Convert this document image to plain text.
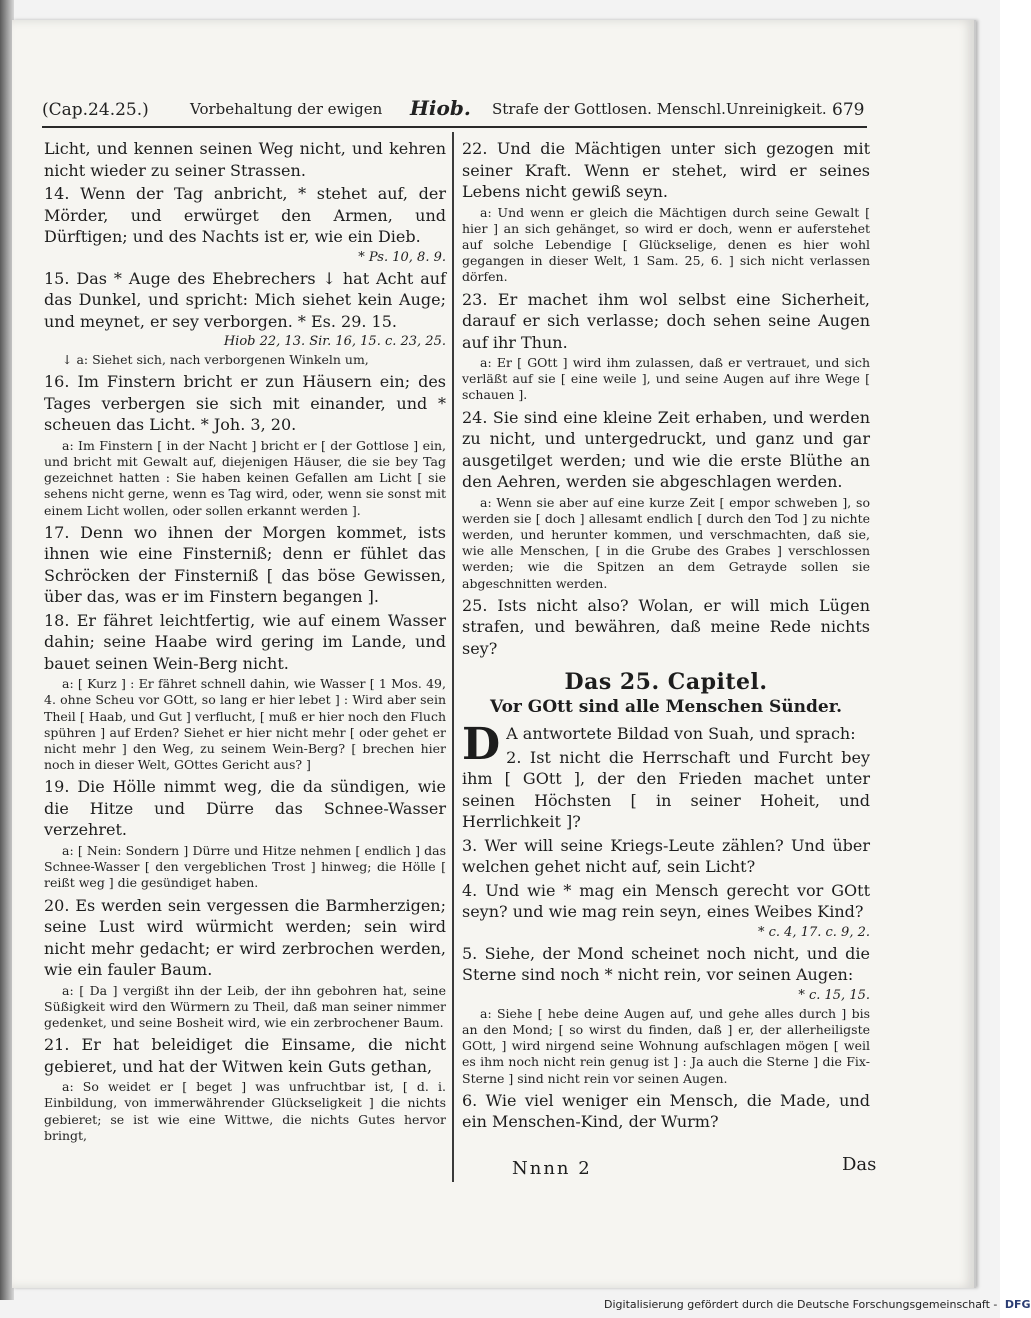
(Cap.24.25.)	Vorbehaltung der ewigen Hiob. Strafe der Gottlosen. Menschl.Unreinigkeit. 679

Licht, und kennen seinen Weg nicht, und kehren nicht wieder zu seiner Strassen.

14. Wenn der Tag anbricht, * stehet auf, der Mörder, und erwürget den Armen, und Dürftigen; und des Nachts ist er, wie ein Dieb.

* Ps. 10, 8. 9.

15. Das * Auge des Ehebrechers ↓ hat Acht auf das Dunkel, und spricht: Mich siehet kein Auge; und meynet, er sey verborgen. * Es. 29. 15.

Hiob 22, 13. Sir. 16, 15. c. 23, 25.

↓ a: Siehet sich, nach verborgenen Winkeln um,

16. Im Finstern bricht er zun Häusern ein; des Tages verbergen sie sich mit einander, und * scheuen das Licht. * Joh. 3, 20.

a: Im Finstern [ in der Nacht ] bricht er [ der Gottlose ] ein, und bricht mit Gewalt auf, diejenigen Häuser, die sie bey Tag gezeichnet hatten : Sie haben keinen Gefallen am Licht [ sie sehens nicht gerne, wenn es Tag wird, oder, wenn sie sonst mit einem Licht wollen, oder sollen erkannt werden ].

17. Denn wo ihnen der Morgen kommet, ists ihnen wie eine Finsterniß; denn er fühlet das Schröcken der Finsterniß [ das böse Gewissen, über das, was er im Finstern begangen ].

18. Er fähret leichtfertig, wie auf einem Wasser dahin; seine Haabe wird gering im Lande, und bauet seinen Wein-Berg nicht.

a: [ Kurz ] : Er fähret schnell dahin, wie Wasser [ 1 Mos. 49, 4. ohne Scheu vor GOtt, so lang er hier lebet ] : Wird aber sein Theil [ Haab, und Gut ] verflucht, [ muß er hier noch den Fluch spühren ] auf Erden? Siehet er hier nicht mehr [ oder gehet er nicht mehr ] den Weg, zu seinem Wein-Berg? [ brechen hier noch in dieser Welt, GOttes Gericht aus? ]

19. Die Hölle nimmt weg, die da sündigen, wie die Hitze und Dürre das Schnee-Wasser verzehret.

a: [ Nein: Sondern ] Dürre und Hitze nehmen [ endlich ] das Schnee-Wasser [ den vergeblichen Trost ] hinweg; die Hölle [ reißt weg ] die gesündiget haben.

20. Es werden sein vergessen die Barmherzigen; seine Lust wird würmicht werden; sein wird nicht mehr gedacht; er wird zerbrochen werden, wie ein fauler Baum.

a: [ Da ] vergißt ihn der Leib, der ihn gebohren hat, seine Süßigkeit wird den Würmern zu Theil, daß man seiner nimmer gedenket, und seine Bosheit wird, wie ein zerbrochener Baum.

21. Er hat beleidiget die Einsame, die nicht gebieret, und hat der Witwen kein Guts gethan,

a: So weidet er [ beget ] was unfruchtbar ist, [ d. i. Einbildung, von immerwährender Glückseligkeit ] die nichts gebieret; se ist wie eine Wittwe, die nichts Gutes hervor bringt,

22. Und die Mächtigen unter sich gezogen mit seiner Kraft. Wenn er stehet, wird er seines Lebens nicht gewiß seyn.

a: Und wenn er gleich die Mächtigen durch seine Gewalt [ hier ] an sich gehänget, so wird er doch, wenn er auferstehet auf solche Lebendige [ Glückselige, denen es hier wohl gegangen in dieser Welt, 1 Sam. 25, 6. ] sich nicht verlassen dörfen.

23. Er machet ihm wol selbst eine Sicherheit, darauf er sich verlasse; doch sehen seine Augen auf ihr Thun.

a: Er [ GOtt ] wird ihm zulassen, daß er vertrauet, und sich verläßt auf sie [ eine weile ], und seine Augen auf ihre Wege [ schauen ].

24. Sie sind eine kleine Zeit erhaben, und werden zu nicht, und untergedruckt, und ganz und gar ausgetilget werden; und wie die erste Blüthe an den Aehren, werden sie abgeschlagen werden.

a: Wenn sie aber auf eine kurze Zeit [ empor schweben ], so werden sie [ doch ] allesamt endlich [ durch den Tod ] zu nichte werden, und herunter kommen, und verschmachten, daß sie, wie alle Menschen, [ in die Grube des Grabes ] verschlossen werden; wie die Spitzen an dem Getrayde sollen sie abgeschnitten werden.

25. Ists nicht also? Wolan, er will mich Lügen strafen, und bewähren, daß meine Rede nichts sey?

Das 25. Capitel.
Vor GOtt sind alle Menschen Sünder.
D A antwortete Bildad von Suah, und sprach:

2. Ist nicht die Herrschaft und Furcht bey ihm [ GOtt ], der den Frieden machet unter seinen Höchsten [ in seiner Hoheit, und Herrlichkeit ]?

3. Wer will seine Kriegs-Leute zählen? Und über welchen gehet nicht auf, sein Licht?

4. Und wie * mag ein Mensch gerecht vor GOtt seyn? und wie mag rein seyn, eines Weibes Kind?

* c. 4, 17. c. 9, 2.

5. Siehe, der Mond scheinet noch nicht, und die Sterne sind noch * nicht rein, vor seinen Augen:

* c. 15, 15.

a: Siehe [ hebe deine Augen auf, und gehe alles durch ] bis an den Mond; [ so wirst du finden, daß ] er, der allerheiligste GOtt, ] wird nirgend seine Wohnung aufschlagen mögen [ weil es ihm noch nicht rein genug ist ] : Ja auch die Sterne ] die Fix-Sterne ] sind nicht rein vor seinen Augen.

6. Wie viel weniger ein Mensch, die Made, und ein Menschen-Kind, der Wurm?

Nnnn 2	Das
Digitalisierung gefördert durch die Deutsche Forschungsgemeinschaft - DFG
